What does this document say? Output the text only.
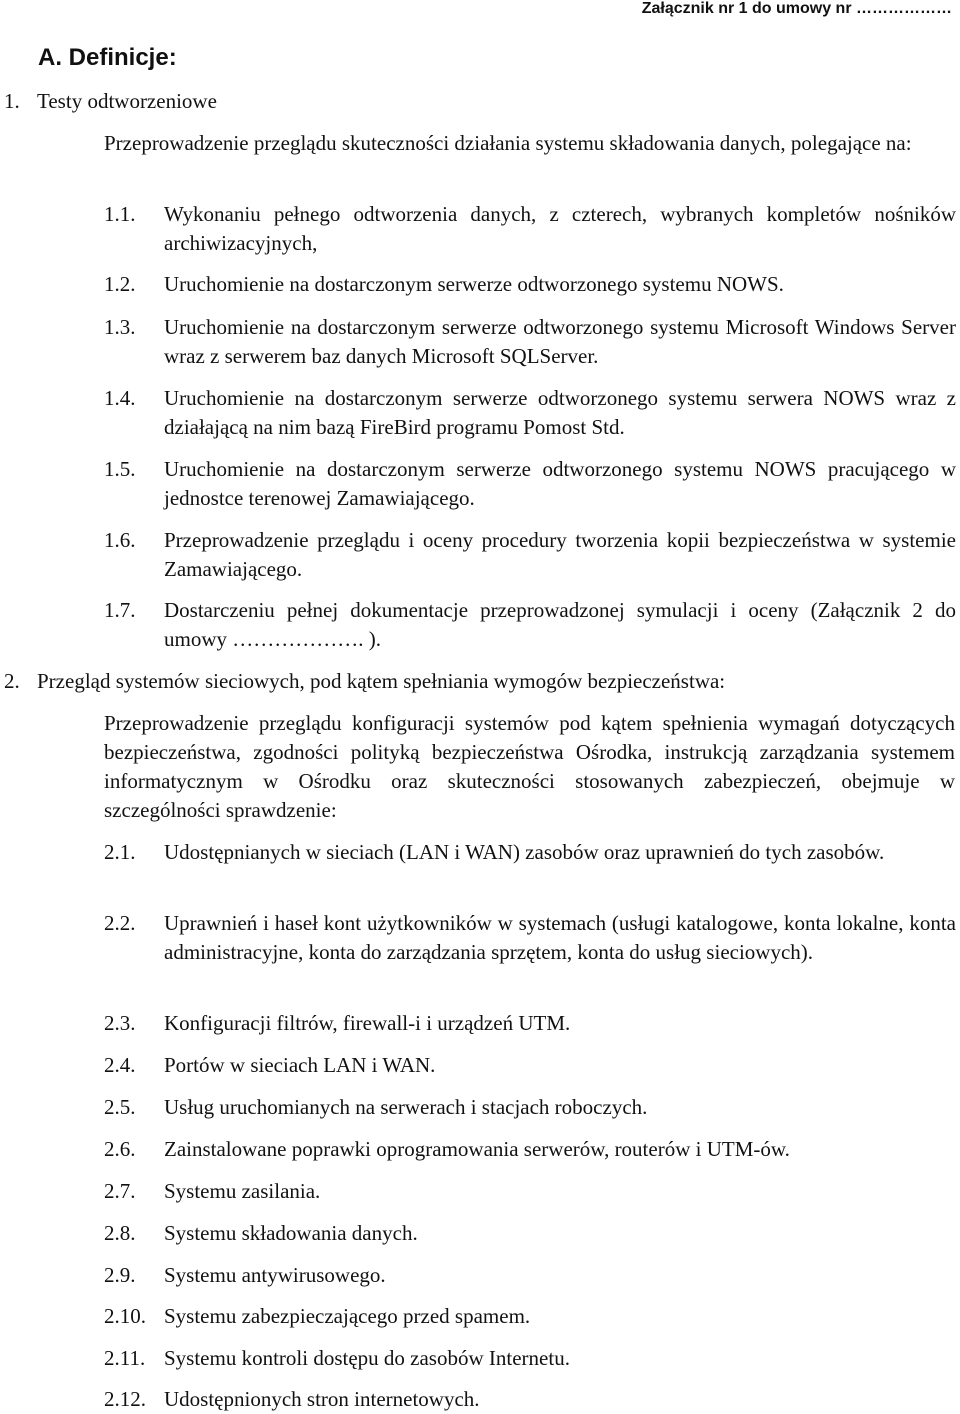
Załącznik nr 1 do umowy nr ………………
A. Definicje:
1. Testy odtworzeniowe

Przeprowadzenie przeglądu skuteczności działania systemu składowania danych, polegające na:

1.1. Wykonaniu pełnego odtworzenia danych, z czterech, wybranych kompletów nośników archiwizacyjnych,
1.2. Uruchomienie na dostarczonym serwerze odtworzonego systemu NOWS.
1.3. Uruchomienie na dostarczonym serwerze odtworzonego systemu Microsoft Windows Server wraz z serwerem baz danych Microsoft SQLServer.
1.4. Uruchomienie na dostarczonym serwerze odtworzonego systemu serwera NOWS wraz z działającą na nim bazą FireBird programu Pomost Std.
1.5. Uruchomienie na dostarczonym serwerze odtworzonego systemu NOWS pracującego w jednostce terenowej Zamawiającego.
1.6. Przeprowadzenie przeglądu i oceny procedury tworzenia kopii bezpieczeństwa w systemie Zamawiającego.
1.7. Dostarczeniu pełnej dokumentacje przeprowadzonej symulacji i oceny (Załącznik 2 do umowy ………………. ).
2. Przegląd systemów sieciowych, pod kątem spełniania wymogów bezpieczeństwa:

Przeprowadzenie przeglądu konfiguracji systemów pod kątem spełnienia wymagań dotyczących bezpieczeństwa, zgodności polityką bezpieczeństwa Ośrodka, instrukcją zarządzania systemem informatycznym w Ośrodku oraz skuteczności stosowanych zabezpieczeń, obejmuje w szczególności sprawdzenie:

2.1. Udostępnianych w sieciach (LAN i WAN) zasobów oraz uprawnień do tych zasobów.
2.2. Uprawnień i haseł kont użytkowników w systemach (usługi katalogowe, konta lokalne, konta administracyjne, konta do zarządzania sprzętem, konta do usług sieciowych).
2.3. Konfiguracji filtrów, firewall-i i urządzeń UTM.
2.4. Portów w sieciach LAN i WAN.
2.5. Usług uruchomianych na serwerach i stacjach roboczych.
2.6. Zainstalowane poprawki oprogramowania serwerów, routerów i UTM-ów.
2.7. Systemu zasilania.
2.8. Systemu składowania danych.
2.9. Systemu antywirusowego.
2.10. Systemu zabezpieczającego przed spamem.
2.11. Systemu kontroli dostępu do zasobów Internetu.
2.12. Udostępnionych stron internetowych.
